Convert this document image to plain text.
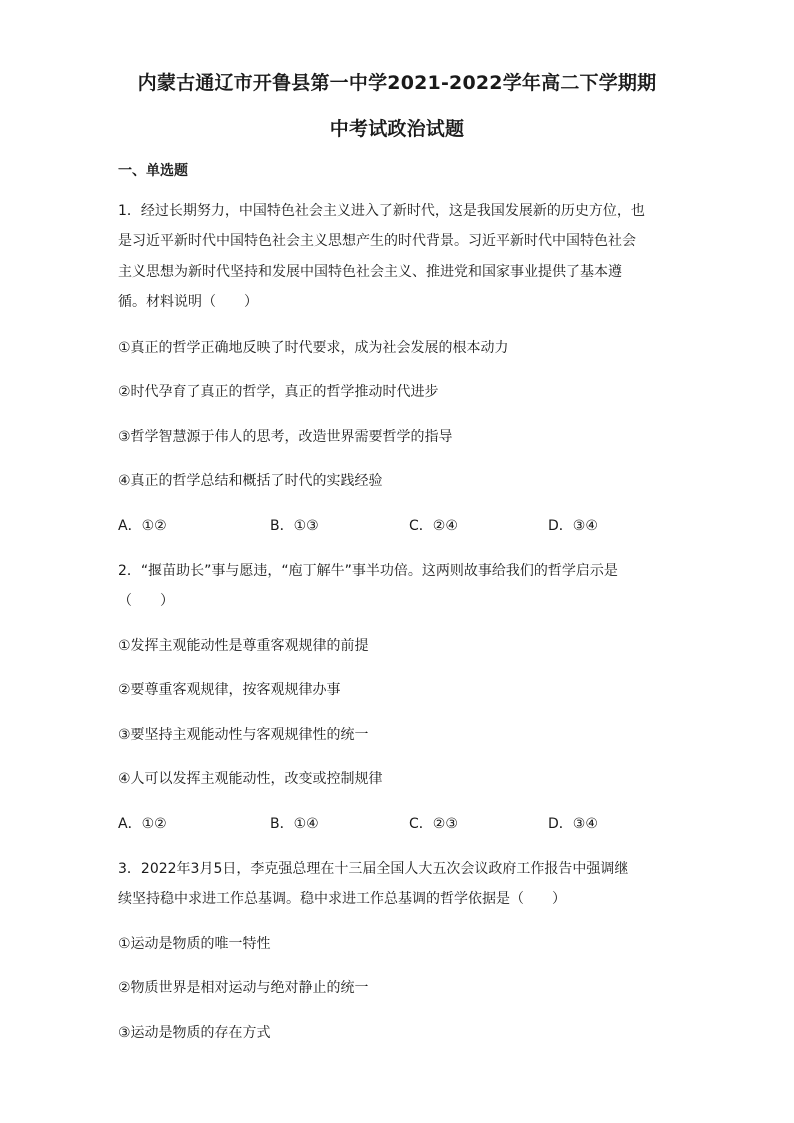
内蒙古通辽市开鲁县第一中学2021-2022学年高二下学期期
中考试政治试题
一、单选题
1．经过长期努力，中国特色社会主义进入了新时代，这是我国发展新的历史方位，也
是习近平新时代中国特色社会主义思想产生的时代背景。习近平新时代中国特色社会
主义思想为新时代坚持和发展中国特色社会主义、推进党和国家事业提供了基本遵
循。材料说明（　　）
①真正的哲学正确地反映了时代要求，成为社会发展的根本动力
②时代孕育了真正的哲学，真正的哲学推动时代进步
③哲学智慧源于伟人的思考，改造世界需要哲学的指导
④真正的哲学总结和概括了时代的实践经验
A．①②	B．①③	C．②④	D．③④
2．“揠苗助长”事与愿违，“庖丁解牛”事半功倍。这两则故事给我们的哲学启示是
（　　）
①发挥主观能动性是尊重客观规律的前提
②要尊重客观规律，按客观规律办事
③要坚持主观能动性与客观规律性的统一
④人可以发挥主观能动性，改变或控制规律
A．①②	B．①④	C．②③	D．③④
3．2022年3月5日，李克强总理在十三届全国人大五次会议政府工作报告中强调继
续坚持稳中求进工作总基调。稳中求进工作总基调的哲学依据是（　　）
①运动是物质的唯一特性
②物质世界是相对运动与绝对静止的统一
③运动是物质的存在方式
